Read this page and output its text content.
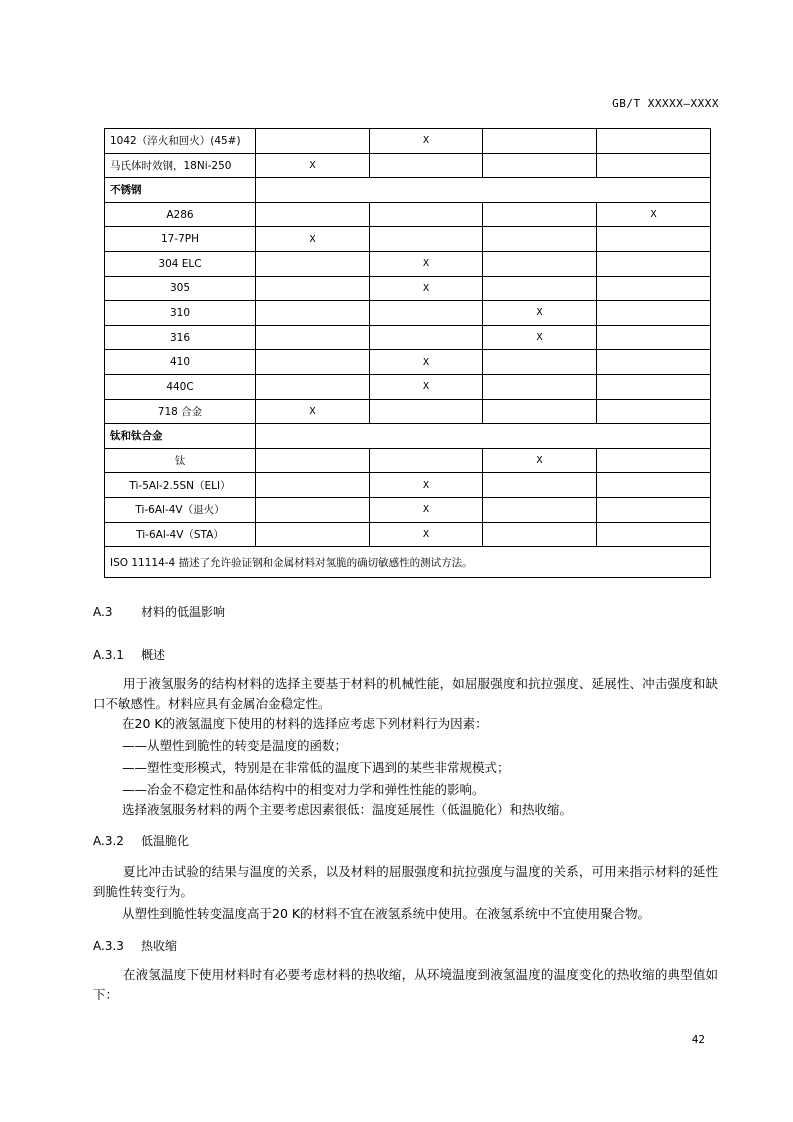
GB/T XXXXX—XXXX
1042（淬火和回火）(45#)		X		
马氏体时效钢，18Ni-250	X			
不锈钢				
A286				X
17-7PH	X			
304 ELC		X		
305		X		
310			X	
316			X	
410		X		
440C		X		
718 合金	X			
钛和钛合金				
钛			X	
Ti-5Al-2.5SN（ELI）		X		
Ti-6Al-4V（退火）		X		
Ti-6Al-4V（STA）		X		
ISO 11114-4 描述了允许验证钢和金属材料对氢脆的确切敏感性的测试方法。				
A.3 材料的低温影响
A.3.1 概述
用于液氢服务的结构材料的选择主要基于材料的机械性能，如屈服强度和抗拉强度、延展性、冲击强度和缺口不敏感性。材料应具有金属冶金稳定性。
在20 K的液氢温度下使用的材料的选择应考虑下列材料行为因素：
——从塑性到脆性的转变是温度的函数；
——塑性变形模式，特别是在非常低的温度下遇到的某些非常规模式；
——冶金不稳定性和晶体结构中的相变对力学和弹性性能的影响。
选择液氢服务材料的两个主要考虑因素很低：温度延展性（低温脆化）和热收缩。
A.3.2 低温脆化
夏比冲击试验的结果与温度的关系，以及材料的屈服强度和抗拉强度与温度的关系，可用来指示材料的延性到脆性转变行为。
从塑性到脆性转变温度高于20 K的材料不宜在液氢系统中使用。在液氢系统中不宜使用聚合物。
A.3.3 热收缩
在液氢温度下使用材料时有必要考虑材料的热收缩，从环境温度到液氢温度的温度变化的热收缩的典型值如下：
42
